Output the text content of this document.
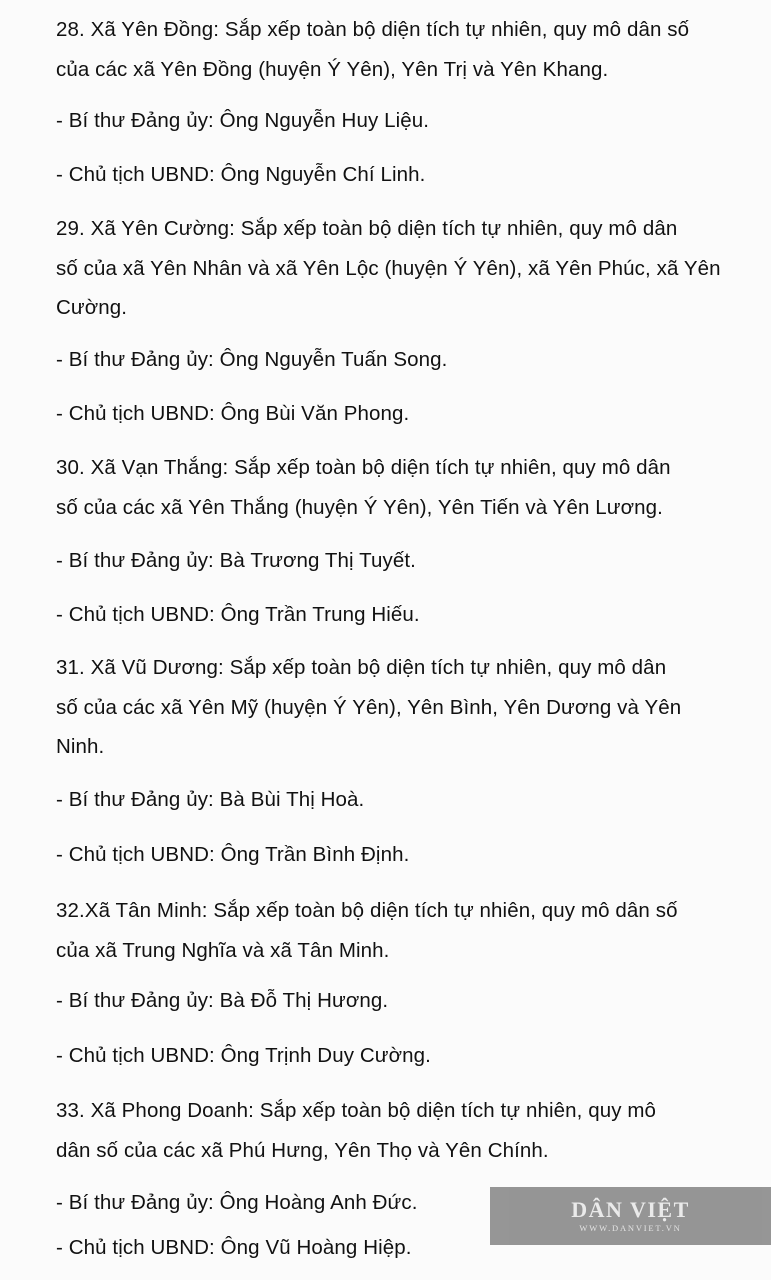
28. Xã Yên Đồng: Sắp xếp toàn bộ diện tích tự nhiên, quy mô dân số
của các xã Yên Đồng (huyện Ý Yên), Yên Trị và Yên Khang.

- Bí thư Đảng ủy: Ông Nguyễn Huy Liệu.

- Chủ tịch UBND: Ông Nguyễn Chí Linh.

29. Xã Yên Cường: Sắp xếp toàn bộ diện tích tự nhiên, quy mô dân
số của xã Yên Nhân và xã Yên Lộc (huyện Ý Yên), xã Yên Phúc, xã Yên
Cường.

- Bí thư Đảng ủy: Ông Nguyễn Tuấn Song.

- Chủ tịch UBND: Ông Bùi Văn Phong.

30. Xã Vạn Thắng: Sắp xếp toàn bộ diện tích tự nhiên, quy mô dân
số của các xã Yên Thắng (huyện Ý Yên), Yên Tiến và Yên Lương.

- Bí thư Đảng ủy: Bà Trương Thị Tuyết.

- Chủ tịch UBND: Ông Trần Trung Hiếu.

31. Xã Vũ Dương: Sắp xếp toàn bộ diện tích tự nhiên, quy mô dân
số của các xã Yên Mỹ (huyện Ý Yên), Yên Bình, Yên Dương và Yên
Ninh.

- Bí thư Đảng ủy: Bà Bùi Thị Hoà.

- Chủ tịch UBND: Ông Trần Bình Định.

32.Xã Tân Minh: Sắp xếp toàn bộ diện tích tự nhiên, quy mô dân số
của xã Trung Nghĩa và xã Tân Minh.

- Bí thư Đảng ủy: Bà Đỗ Thị Hương.

- Chủ tịch UBND: Ông Trịnh Duy Cường.

33. Xã Phong Doanh: Sắp xếp toàn bộ diện tích tự nhiên, quy mô
dân số của các xã Phú Hưng, Yên Thọ và Yên Chính.

- Bí thư Đảng ủy: Ông Hoàng Anh Đức.

- Chủ tịch UBND: Ông Vũ Hoàng Hiệp.

DÂN VIỆT
WWW.DANVIET.VN
